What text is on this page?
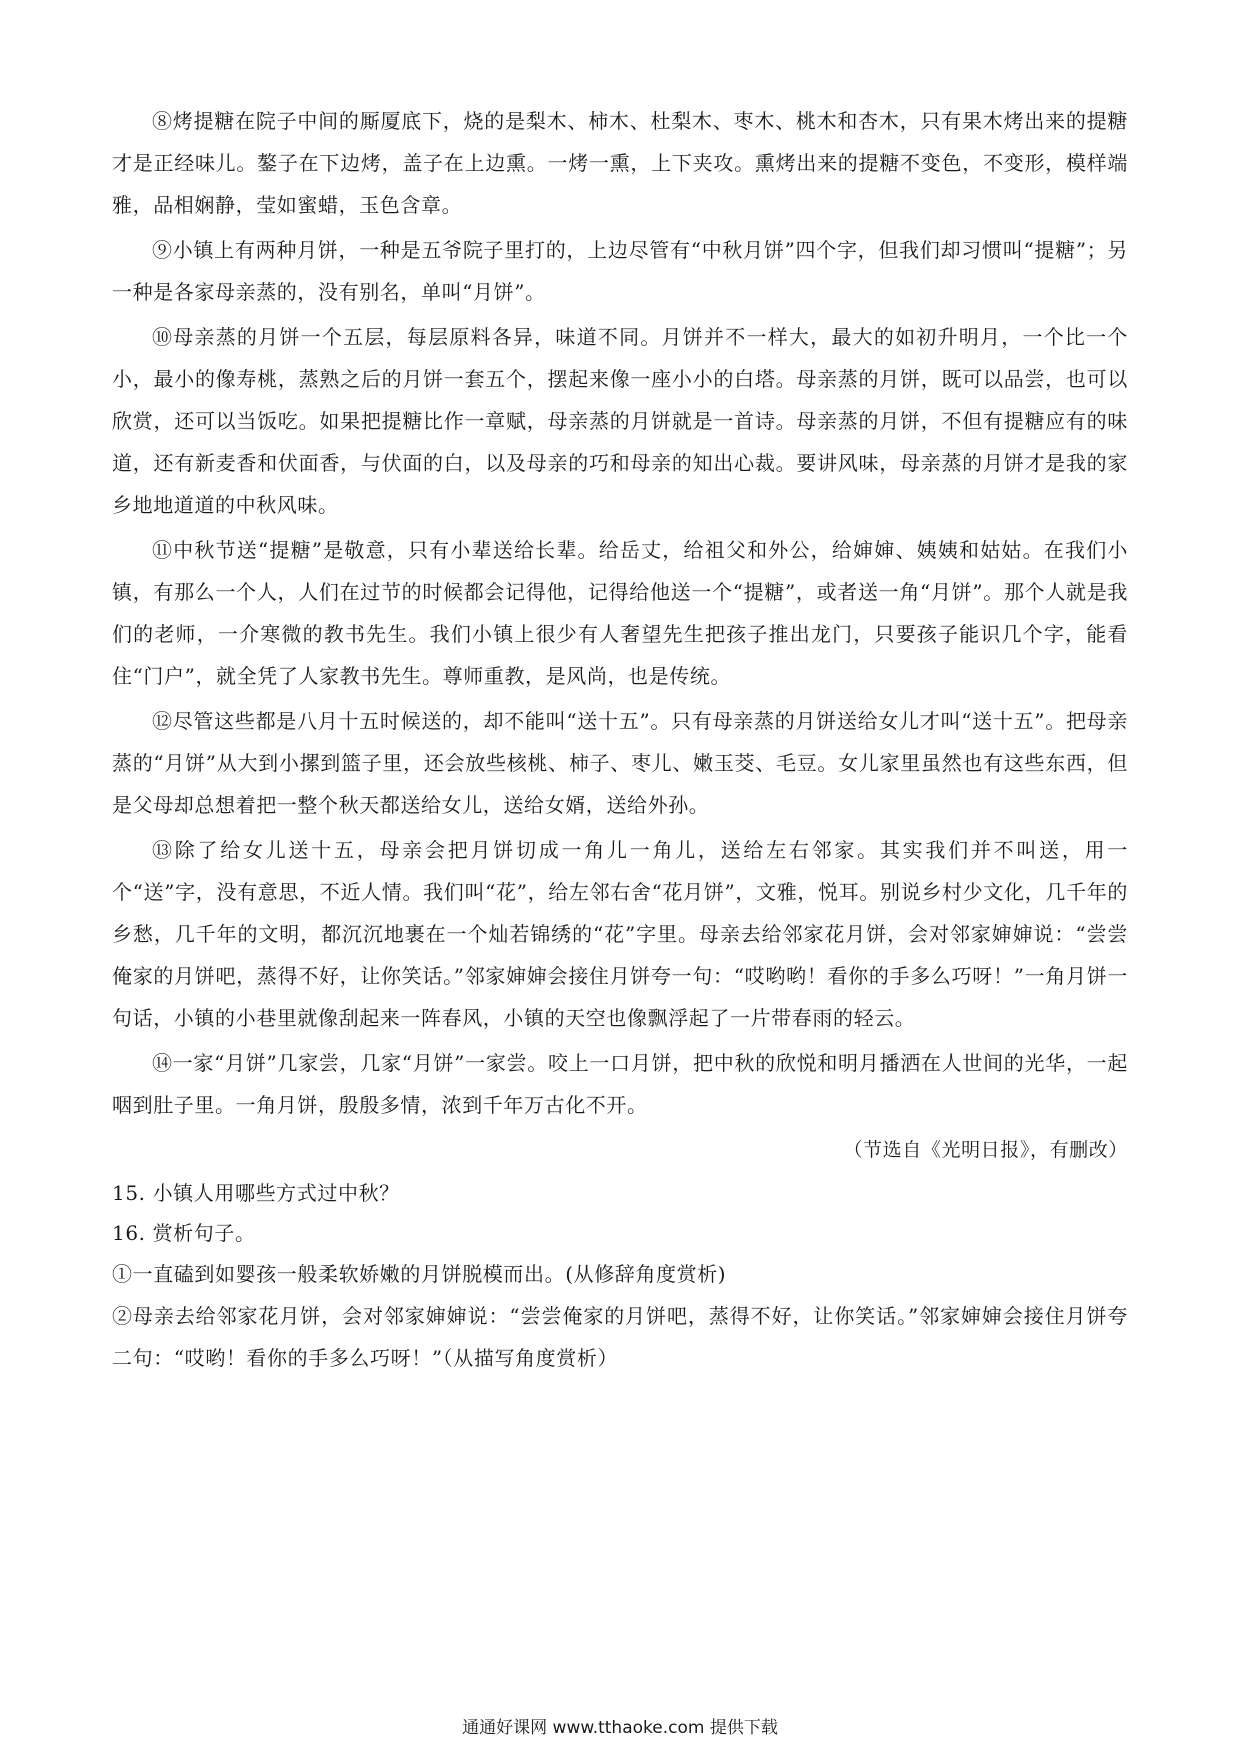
⑧烤提糖在院子中间的厮厦底下，烧的是梨木、柿木、杜梨木、枣木、桃木和杏木，只有果木烤出来的提糖才是正经味儿。鏊子在下边烤，盖子在上边熏。一烤一熏，上下夹攻。熏烤出来的提糖不变色，不变形，模样端雅，品相娴静，莹如蜜蜡，玉色含章。

⑨小镇上有两种月饼，一种是五爷院子里打的，上边尽管有“中秋月饼”四个字，但我们却习惯叫“提糖”；另一种是各家母亲蒸的，没有别名，单叫“月饼”。

⑩母亲蒸的月饼一个五层，每层原料各异，味道不同。月饼并不一样大，最大的如初升明月，一个比一个小，最小的像寿桃，蒸熟之后的月饼一套五个，摆起来像一座小小的白塔。母亲蒸的月饼，既可以品尝，也可以欣赏，还可以当饭吃。如果把提糖比作一章赋，母亲蒸的月饼就是一首诗。母亲蒸的月饼，不但有提糖应有的味道，还有新麦香和伏面香，与伏面的白，以及母亲的巧和母亲的知出心裁。要讲风味，母亲蒸的月饼才是我的家乡地地道道的中秋风味。

⑪中秋节送“提糖”是敬意，只有小辈送给长辈。给岳丈，给祖父和外公，给婶婶、姨姨和姑姑。在我们小镇，有那么一个人，人们在过节的时候都会记得他，记得给他送一个“提糖”，或者送一角“月饼”。那个人就是我们的老师，一介寒微的教书先生。我们小镇上很少有人奢望先生把孩子推出龙门，只要孩子能识几个字，能看住“门户”，就全凭了人家教书先生。尊师重教，是风尚，也是传统。

⑫尽管这些都是八月十五时候送的，却不能叫“送十五”。只有母亲蒸的月饼送给女儿才叫“送十五”。把母亲蒸的“月饼”从大到小摞到篮子里，还会放些核桃、柿子、枣儿、嫩玉茭、毛豆。女儿家里虽然也有这些东西，但是父母却总想着把一整个秋天都送给女儿，送给女婿，送给外孙。

⑬除了给女儿送十五，母亲会把月饼切成一角儿一角儿，送给左右邻家。其实我们并不叫送，用一个“送”字，没有意思，不近人情。我们叫“花”，给左邻右舍“花月饼”，文雅，悦耳。别说乡村少文化，几千年的乡愁，几千年的文明，都沉沉地裹在一个灿若锦绣的“花”字里。母亲去给邻家花月饼，会对邻家婶婶说：“尝尝俺家的月饼吧，蒸得不好，让你笑话。”邻家婶婶会接住月饼夸一句：“哎哟哟！看你的手多么巧呀！”一角月饼一句话，小镇的小巷里就像刮起来一阵春风，小镇的天空也像飘浮起了一片带春雨的轻云。

⑭一家“月饼”几家尝，几家“月饼”一家尝。咬上一口月饼，把中秋的欣悦和明月播洒在人世间的光华，一起咽到肚子里。一角月饼，殷殷多情，浓到千年万古化不开。

（节选自《光明日报》，有删改）

15. 小镇人用哪些方式过中秋？

16. 赏析句子。

①一直磕到如婴孩一般柔软娇嫩的月饼脱模而出。(从修辞角度赏析)

②母亲去给邻家花月饼，会对邻家婶婶说：“尝尝俺家的月饼吧，蒸得不好，让你笑话。”邻家婶婶会接住月饼夸二句：“哎哟！看你的手多么巧呀！”（从描写角度赏析）

通通好课网 www.tthaoke.com 提供下载
